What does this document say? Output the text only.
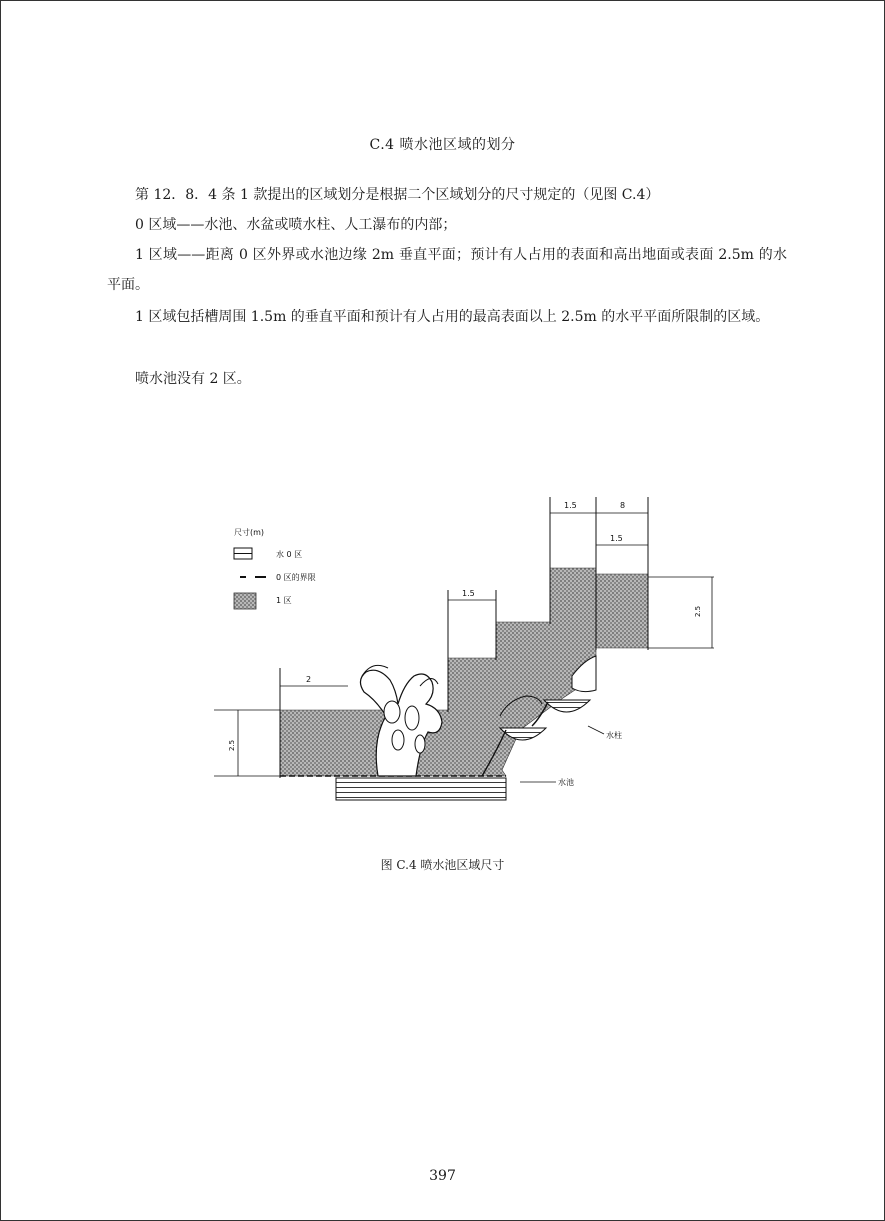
C.4 喷水池区域的划分

第 12．8．4 条 1 款提出的区域划分是根据二个区域划分的尺寸规定的（见图 C.4）

0 区域——水池、水盆或喷水柱、人工瀑布的内部；

1 区域——距离 0 区外界或水池边缘 2m 垂直平面；预计有人占用的表面和高出地面或表面 2.5m 的水平面。

1 区域包括槽周围 1.5m 的垂直平面和预计有人占用的最高表面以上 2.5m 的水平平面所限制的区域。

喷水池没有 2 区。

尺寸(m)
水 0 区
0 区的界限
1 区
1.5	8
1.5
2.5
1.5
2
2.5
水柱
水池
图 C.4 喷水池区域尺寸
397
